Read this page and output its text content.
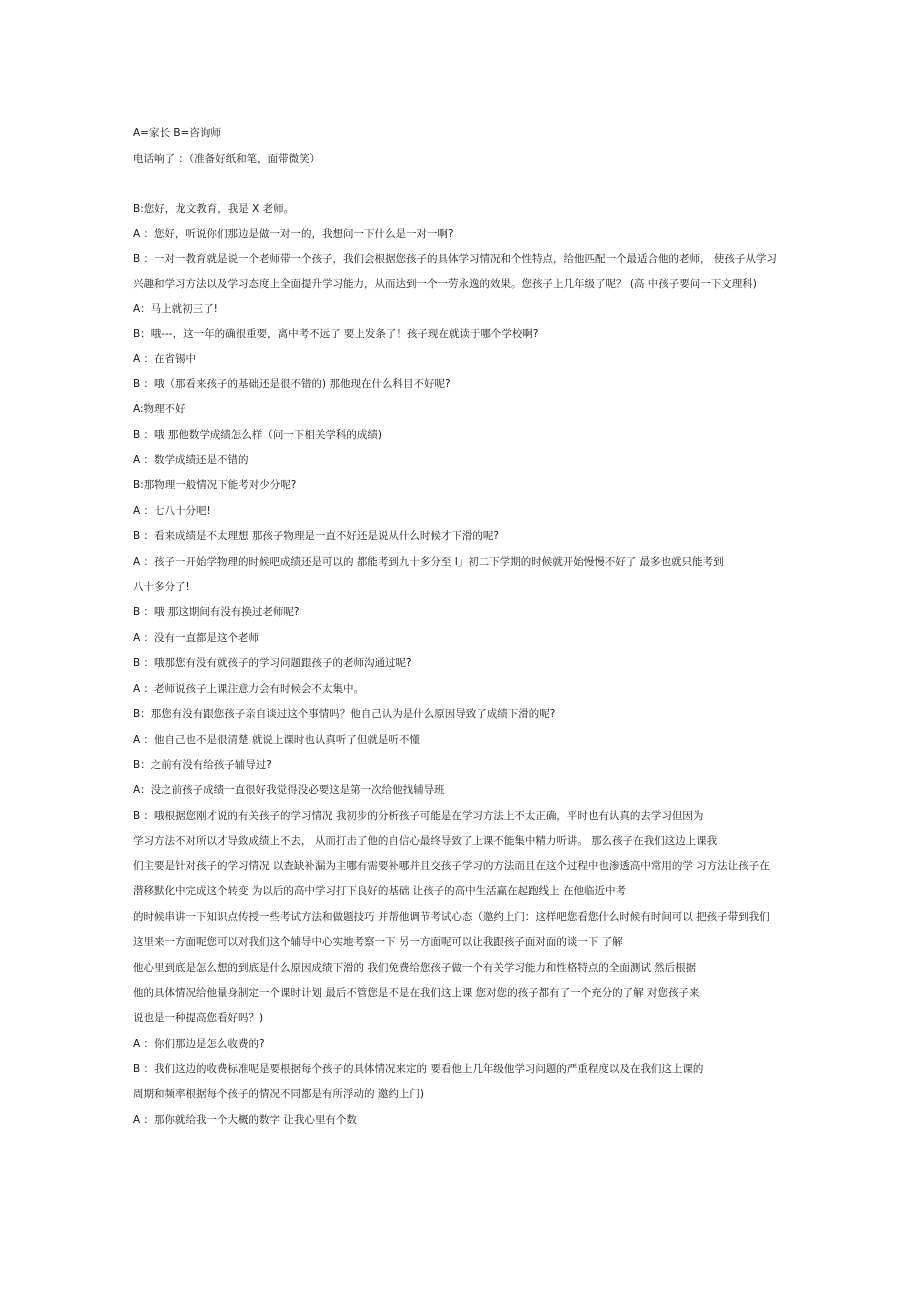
A=家长 B=咨询师
电话响了 ：（准备好纸和笔，面带微笑）
B:您好，龙文教育，我是 X 老师。
A ：您好，听说你们那边是做一对一的，我想问一下什么是一对一啊?
B ：一对一教育就是说一个老师带一个孩子，我们会根据您孩子的具体学习情况和个性特点，给他匹配一个最适合他的老师， 使孩子从学习
兴趣和学习方法以及学习态度上全面提升学习能力，从而达到一个一劳永逸的效果。您孩子上几年级了呢？ (高 中孩子要问一下文理科)
A：马上就初三了!
B：哦---，这一年的确很重要，离中考不远了 要上发条了！孩子现在就读于哪个学校啊?
A ：在省锡中
B ：哦（那看来孩子的基础还是很不错的) 那他现在什么科目不好呢?
A:物理不好
B ：哦 那他数学成绩怎么样（问一下相关学科的成绩)
A ：数学成绩还是不错的
B:那物理一般情况下能考对少分呢?
A ：七八十分吧!
B ：看来成绩是不太理想 那孩子物理是一直不好还是说从什么时候才下滑的呢?
A ：孩子一开始学物理的时候吧成绩还是可以的 都能考到九十多分至 I」初二下学期的时候就开始慢慢不好了 最多也就只能考到
八十多分了!
B ：哦 那这期间有没有换过老师呢?
A ：没有一直都是这个老师
B ：哦那您有没有就孩子的学习问题跟孩子的老师沟通过呢?
A ：老师说孩子上课注意力会有时候会不太集中。
B：那您有没有跟您孩子亲自谈过这个事情吗？他自己认为是什么原因导致了成绩下滑的呢?
A ：他自己也不是很清楚 就说上课时也认真听了但就是听不懂
B：之前有没有给孩子辅导过?
A：没之前孩子成绩一直很好我觉得没必要这是第一次给他找辅导班
B ：哦根据您刚才说的有关孩子的学习情况 我初步的分析孩子可能是在学习方法上不太正确，平时也有认真的去学习但因为
学习方法不对所以才导致成绩上不去， 从而打击了他的自信心最终导致了上课不能集中精力听讲。 那么孩子在我们这边上课我
们主要是针对孩子的学习情况 以查缺补漏为主哪有需要补哪并且交孩子学习的方法而且在这个过程中也渗透高中常用的学 习方法让孩子在
潜移默化中完成这个转变 为以后的高中学习打下良好的基础 让孩子的高中生活赢在起跑线上 在他临近中考
的时候串讲一下知识点传授一些考试方法和做题技巧 并帮他调节考试心态（邀约上门：这样吧您看您什么时候有时间可以 把孩子带到我们
这里来一方面呢您可以对我们这个辅导中心实地考察一下 另一方面呢可以让我跟孩子面对面的谈一下 了解
他心里到底是怎么想的到底是什么原因成绩下滑的 我们免费给您孩子做一个有关学习能力和性格特点的全面测试 然后根据
他的具体情况给他量身制定一个课时计划 最后不管您是不是在我们这上课 您对您的孩子都有了一个充分的了解 对您孩子来
说也是一种提高您看好吗？)
A ：你们那边是怎么收费的?
B ：我们这边的收费标准呢是要根据每个孩子的具体情况来定的 要看他上几年级他学习问题的严重程度以及在我们这上课的
周期和频率根据每个孩子的情况不同都是有所浮动的 邀约上门)
A ：那你就给我一个大概的数字 让我心里有个数
